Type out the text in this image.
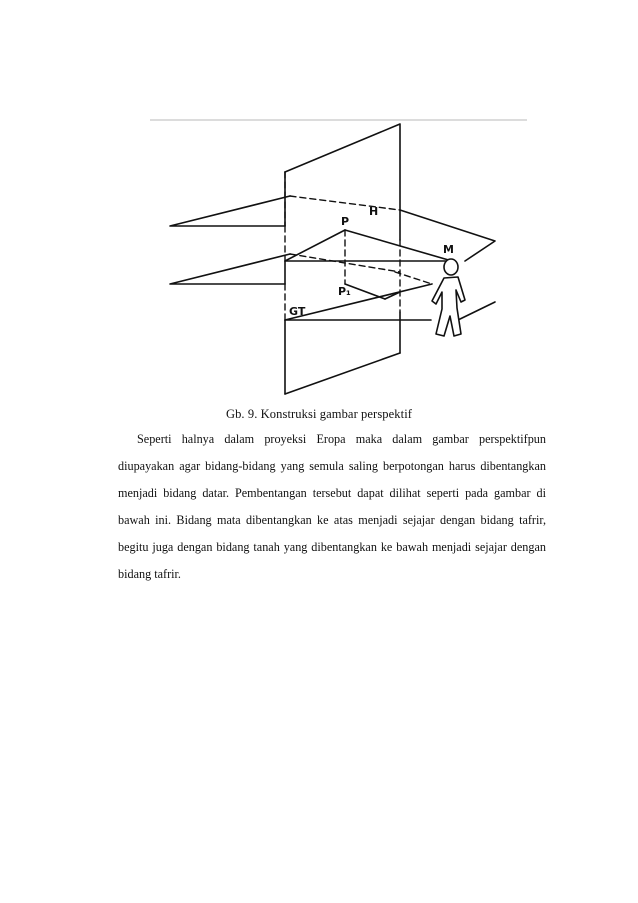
P
H
M
P₁
GT
Gb. 9. Konstruksi gambar perspektif

Seperti halnya dalam proyeksi Eropa maka dalam gambar perspektifpun diupayakan agar bidang-bidang yang semula saling berpotongan harus dibentangkan menjadi bidang datar. Pembentangan tersebut dapat dilihat seperti pada gambar di bawah ini. Bidang mata dibentangkan ke atas menjadi sejajar dengan bidang tafrir, begitu juga dengan bidang tanah yang dibentangkan ke bawah menjadi sejajar dengan bidang tafrir.
